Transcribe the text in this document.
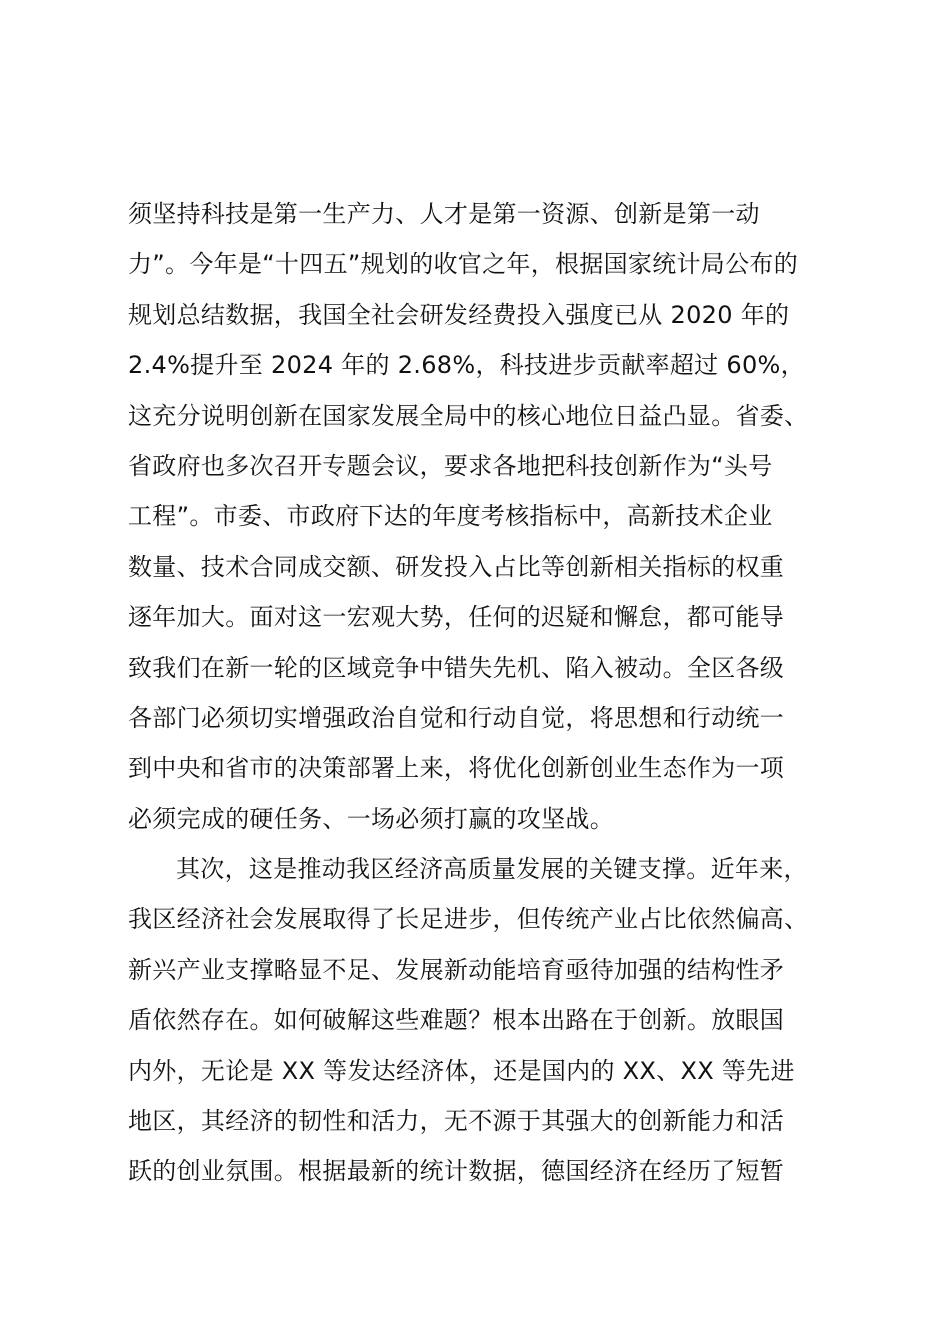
须坚持科技是第一生产力、人才是第一资源、创新是第一动
力”。今年是“十四五”规划的收官之年，根据国家统计局公布的
规划总结数据，我国全社会研发经费投入强度已从 2020 年的
2.4%提升至 2024 年的 2.68%，科技进步贡献率超过 60%，
这充分说明创新在国家发展全局中的核心地位日益凸显。省委、
省政府也多次召开专题会议，要求各地把科技创新作为“头号
工程”。市委、市政府下达的年度考核指标中，高新技术企业
数量、技术合同成交额、研发投入占比等创新相关指标的权重
逐年加大。面对这一宏观大势，任何的迟疑和懈怠，都可能导
致我们在新一轮的区域竞争中错失先机、陷入被动。全区各级
各部门必须切实增强政治自觉和行动自觉，将思想和行动统一
到中央和省市的决策部署上来，将优化创新创业生态作为一项
必须完成的硬任务、一场必须打赢的攻坚战。
其次，这是推动我区经济高质量发展的关键支撑。近年来，
我区经济社会发展取得了长足进步，但传统产业占比依然偏高、
新兴产业支撑略显不足、发展新动能培育亟待加强的结构性矛
盾依然存在。如何破解这些难题？根本出路在于创新。放眼国
内外，无论是 XX 等发达经济体，还是国内的 XX、XX 等先进
地区，其经济的韧性和活力，无不源于其强大的创新能力和活
跃的创业氛围。根据最新的统计数据，德国经济在经历了短暂
